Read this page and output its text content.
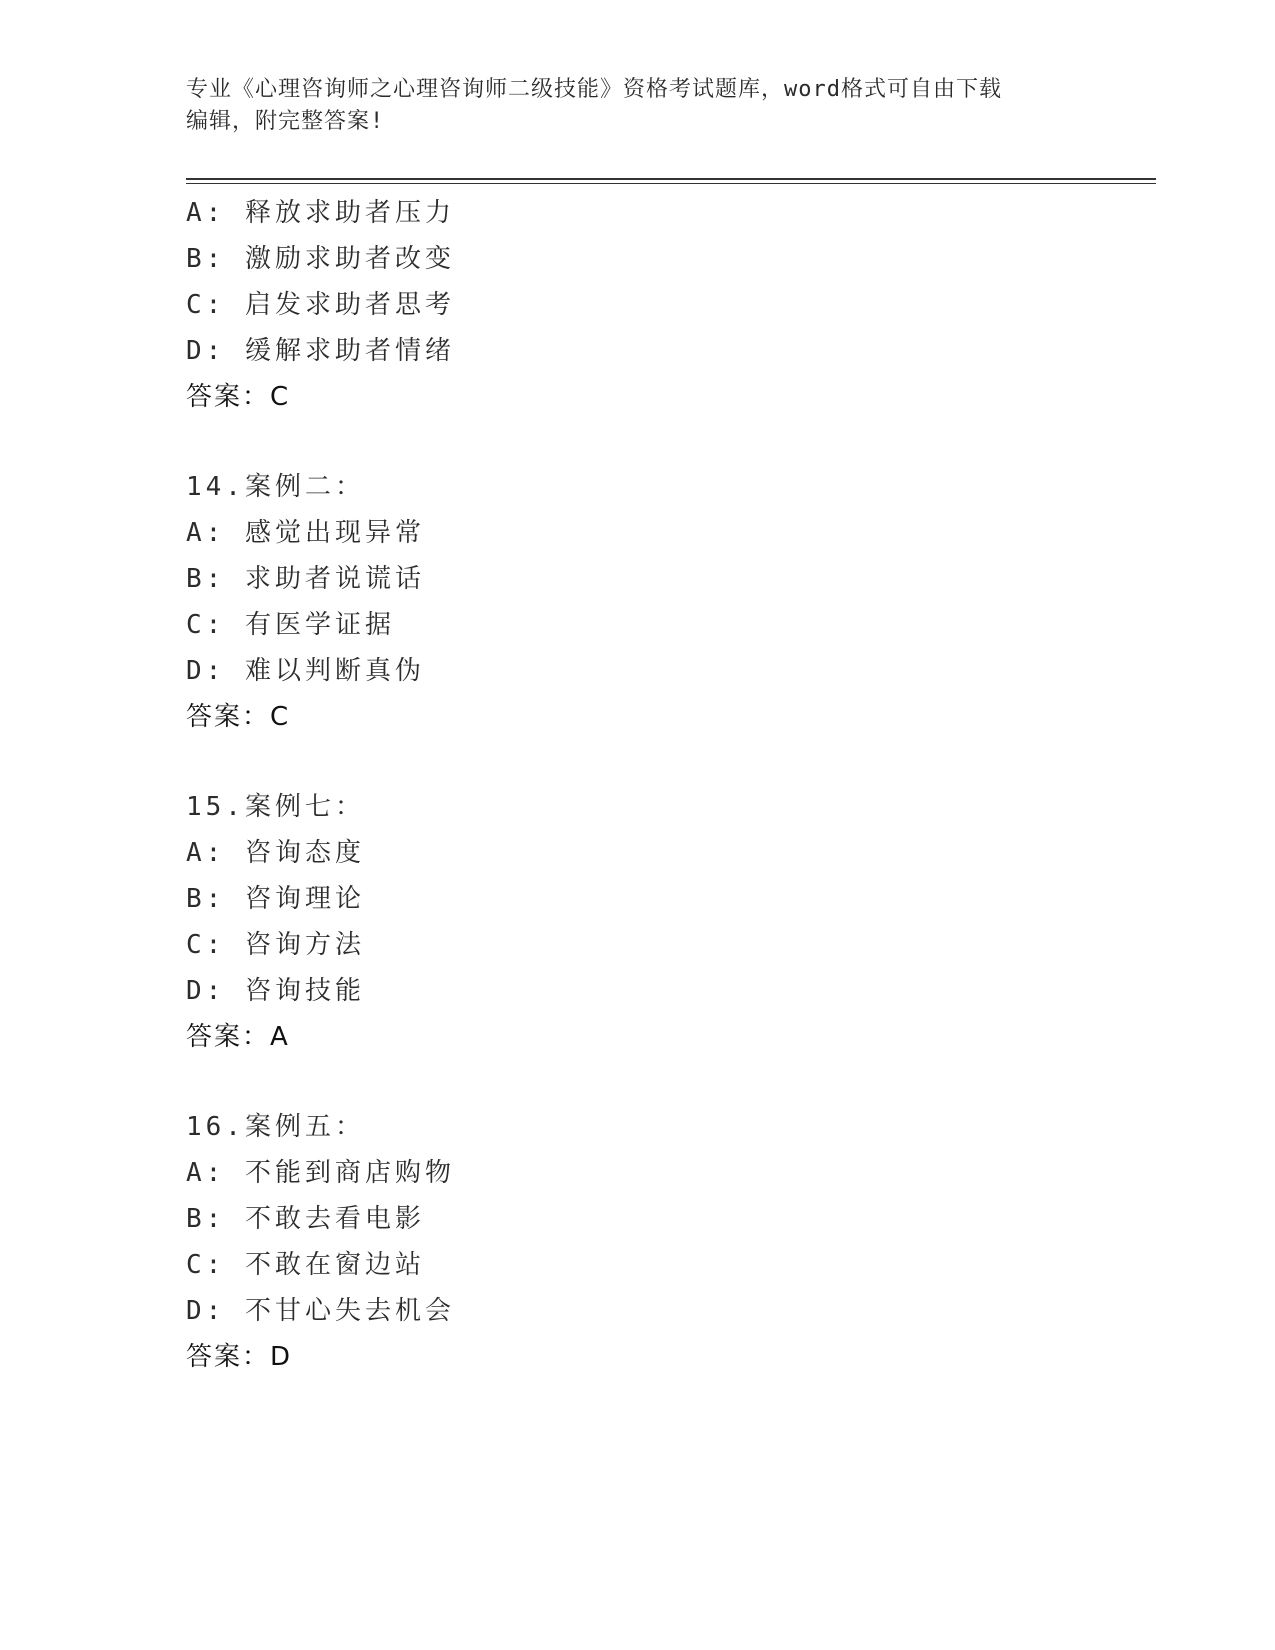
专业《心理咨询师之心理咨询师二级技能》资格考试题库，word格式可自由下载
编辑，附完整答案!
A: 释放求助者压力
B: 激励求助者改变
C: 启发求助者思考
D: 缓解求助者情绪
答案：C
14.案例二：
A: 感觉出现异常
B: 求助者说谎话
C: 有医学证据
D: 难以判断真伪
答案：C
15.案例七：
A: 咨询态度
B: 咨询理论
C: 咨询方法
D: 咨询技能
答案：A
16.案例五：
A: 不能到商店购物
B: 不敢去看电影
C: 不敢在窗边站
D: 不甘心失去机会
答案：D
